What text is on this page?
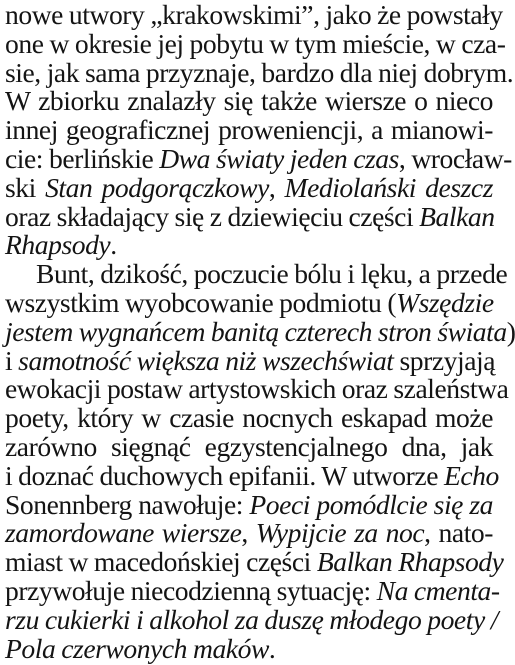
nowe utwory „krakowskimi”, jako że powstały
one w okresie jej pobytu w tym mieście, w cza-
sie, jak sama przyznaje, bardzo dla niej dobrym.
W zbiorku znalazły się także wiersze o nieco
innej geograficznej proweniencji, a mianowi-
cie: berlińskie Dwa światy jeden czas, wrocław-
ski Stan podgorączkowy, Mediolański deszcz
oraz składający się z dziewięciu części Balkan
Rhapsody.
Bunt, dzikość, poczucie bólu i lęku, a przede
wszystkim wyobcowanie podmiotu (Wszędzie
jestem wygnańcem banitą czterech stron świata)
i samotność większa niż wszechświat sprzyjają
ewokacji postaw artystowskich oraz szaleństwa
poety, który w czasie nocnych eskapad może
zarówno sięgnąć egzystencjalnego dna, jak
i doznać duchowych epifanii. W utworze Echo
Sonennberg nawołuje: Poeci pomódlcie się za
zamordowane wiersze, Wypijcie za noc, nato-
miast w macedońskiej części Balkan Rhapsody
przywołuje niecodzienną sytuację: Na cmenta-
rzu cukierki i alkohol za duszę młodego poety /
Pola czerwonych maków.
